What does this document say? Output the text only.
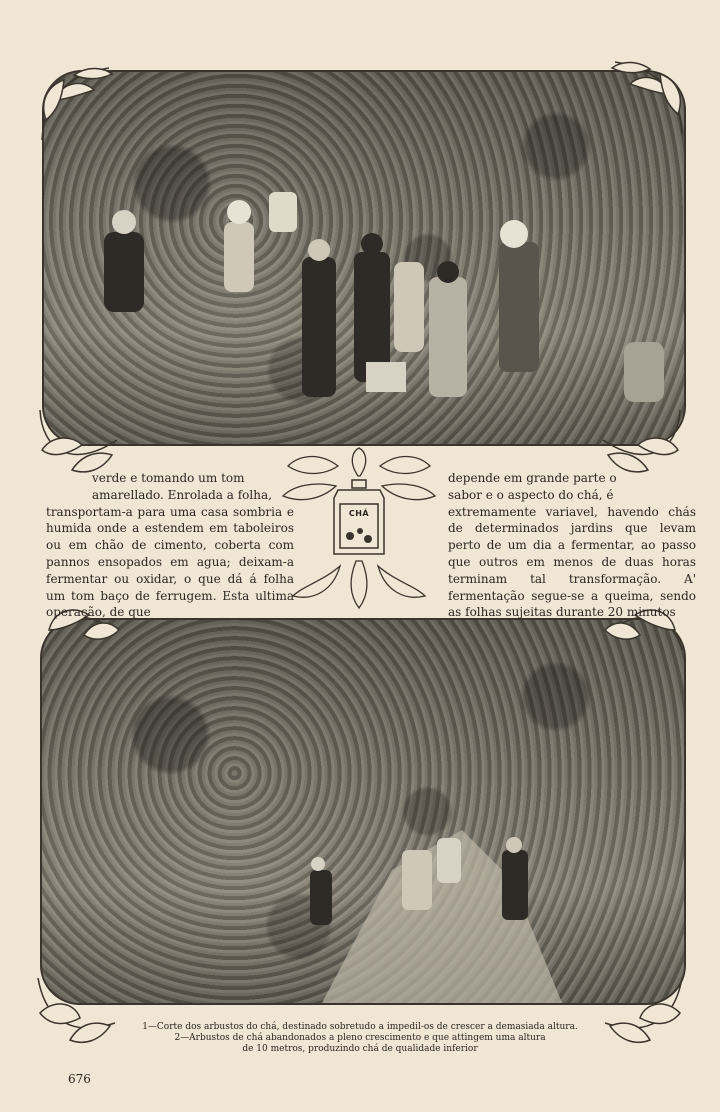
verde e tomando um tom

amarellado. Enrolada a folha,

transportam-a para uma casa sombria e humida onde a estendem em taboleiros ou em chão de cimento, coberta com pannos ensopados em agua; deixam-a fermentar ou oxidar, o que dá á folha um tom baço de ferrugem. Esta ultima operação, de que

depende em grande parte o

sabor e o aspecto do chá, é

extremamente variavel, havendo chás de determinados jardins que levam perto de um dia a fermentar, ao passo que outros em menos de duas horas terminam tal transformação. A' fermentação segue-se a queima, sendo as folhas sujeitas durante 20 minutos

CHÁ

1—Corte dos arbustos do chá, destinado sobretudo a impedil-os de crescer a demasiada altura.

2—Arbustos de chá abandonados a pleno crescimento e que attingem uma altura

de 10 metros, produzindo chá de qualidade inferior

676
